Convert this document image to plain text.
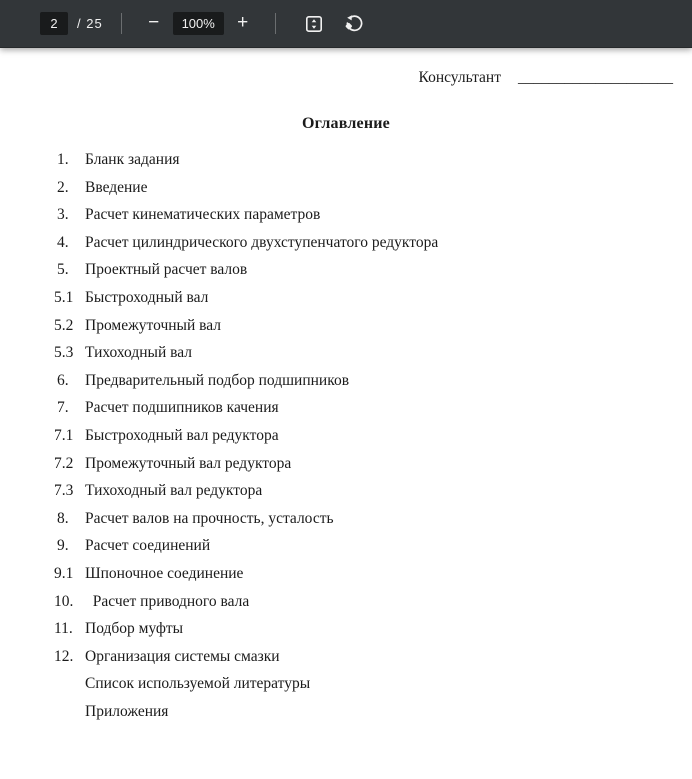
2
/ 25	−	100%	+
Консультант ____________________
Оглавление
1.	Бланк задания
2.	Введение
3.	Расчет кинематических параметров
4.	Расчет цилиндрического двухступенчатого редуктора
5.	Проектный расчет валов
5.1 Быстроходный вал
5.2 Промежуточный вал
5.3 Тихоходный вал
6.	Предварительный подбор подшипников
7.	Расчет подшипников качения
7.1 Быстроходный вал редуктора
7.2 Промежуточный вал редуктора
7.3 Тихоходный вал редуктора
8.	Расчет валов на прочность, усталость
9.	Расчет соединений
9.1 Шпоночное соединение
10. Расчет приводного вала
11. Подбор муфты
12. Организация системы смазки
Список используемой литературы
Приложения
